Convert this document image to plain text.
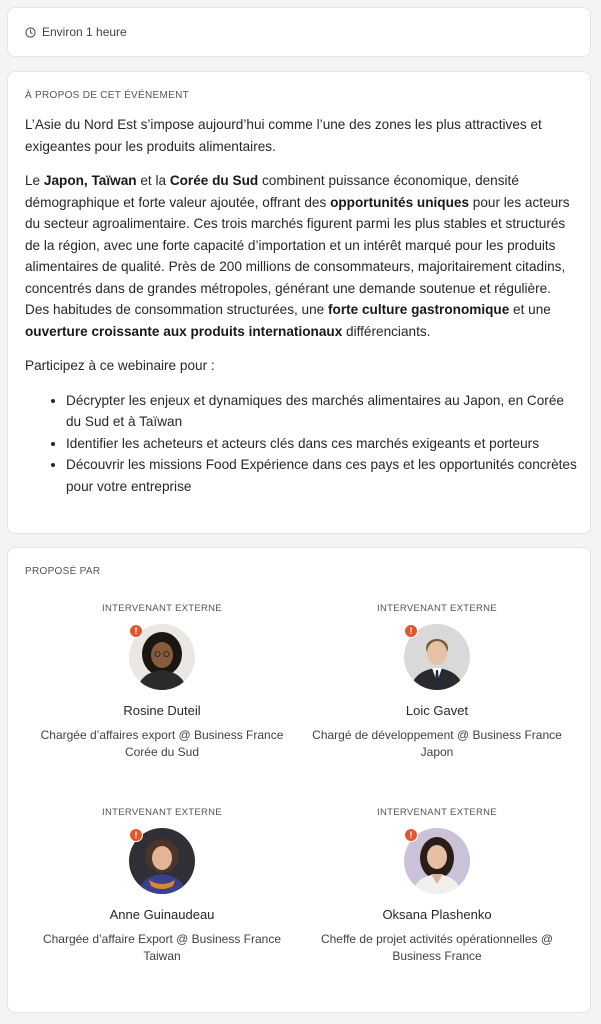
Environ 1 heure
À PROPOS DE CET ÉVÉNEMENT

L’Asie du Nord Est s’impose aujourd’hui comme l’une des zones les plus attractives et exigeantes pour les produits alimentaires.

Le Japon, Taïwan et la Corée du Sud combinent puissance économique, densité démographique et forte valeur ajoutée, offrant des opportunités uniques pour les acteurs du secteur agroalimentaire. Ces trois marchés figurent parmi les plus stables et structurés de la région, avec une forte capacité d’importation et un intérêt marqué pour les produits alimentaires de qualité. Près de 200 millions de consommateurs, majoritairement citadins, concentrés dans de grandes métropoles, générant une demande soutenue et régulière. Des habitudes de consommation structurées, une forte culture gastronomique et une ouverture croissante aux produits internationaux différenciants.

Participez à ce webinaire pour :

• Décrypter les enjeux et dynamiques des marchés alimentaires au Japon, en Corée du Sud et à Taïwan
• Identifier les acheteurs et acteurs clés dans ces marchés exigeants et porteurs
• Découvrir les missions Food Expérience dans ces pays et les opportunités concrètes pour votre entreprise
PROPOSÉ PAR
INTERVENANT EXTERNE
!
Rosine Duteil
Chargée d’affaires export @ Business France Corée du Sud
INTERVENANT EXTERNE
!
Loic Gavet
Chargé de développement @ Business France Japon
INTERVENANT EXTERNE
!
Anne Guinaudeau
Chargée d’affaire Export @ Business France Taiwan
INTERVENANT EXTERNE
!
Oksana Plashenko
Cheffe de projet activités opérationnelles @ Business France
